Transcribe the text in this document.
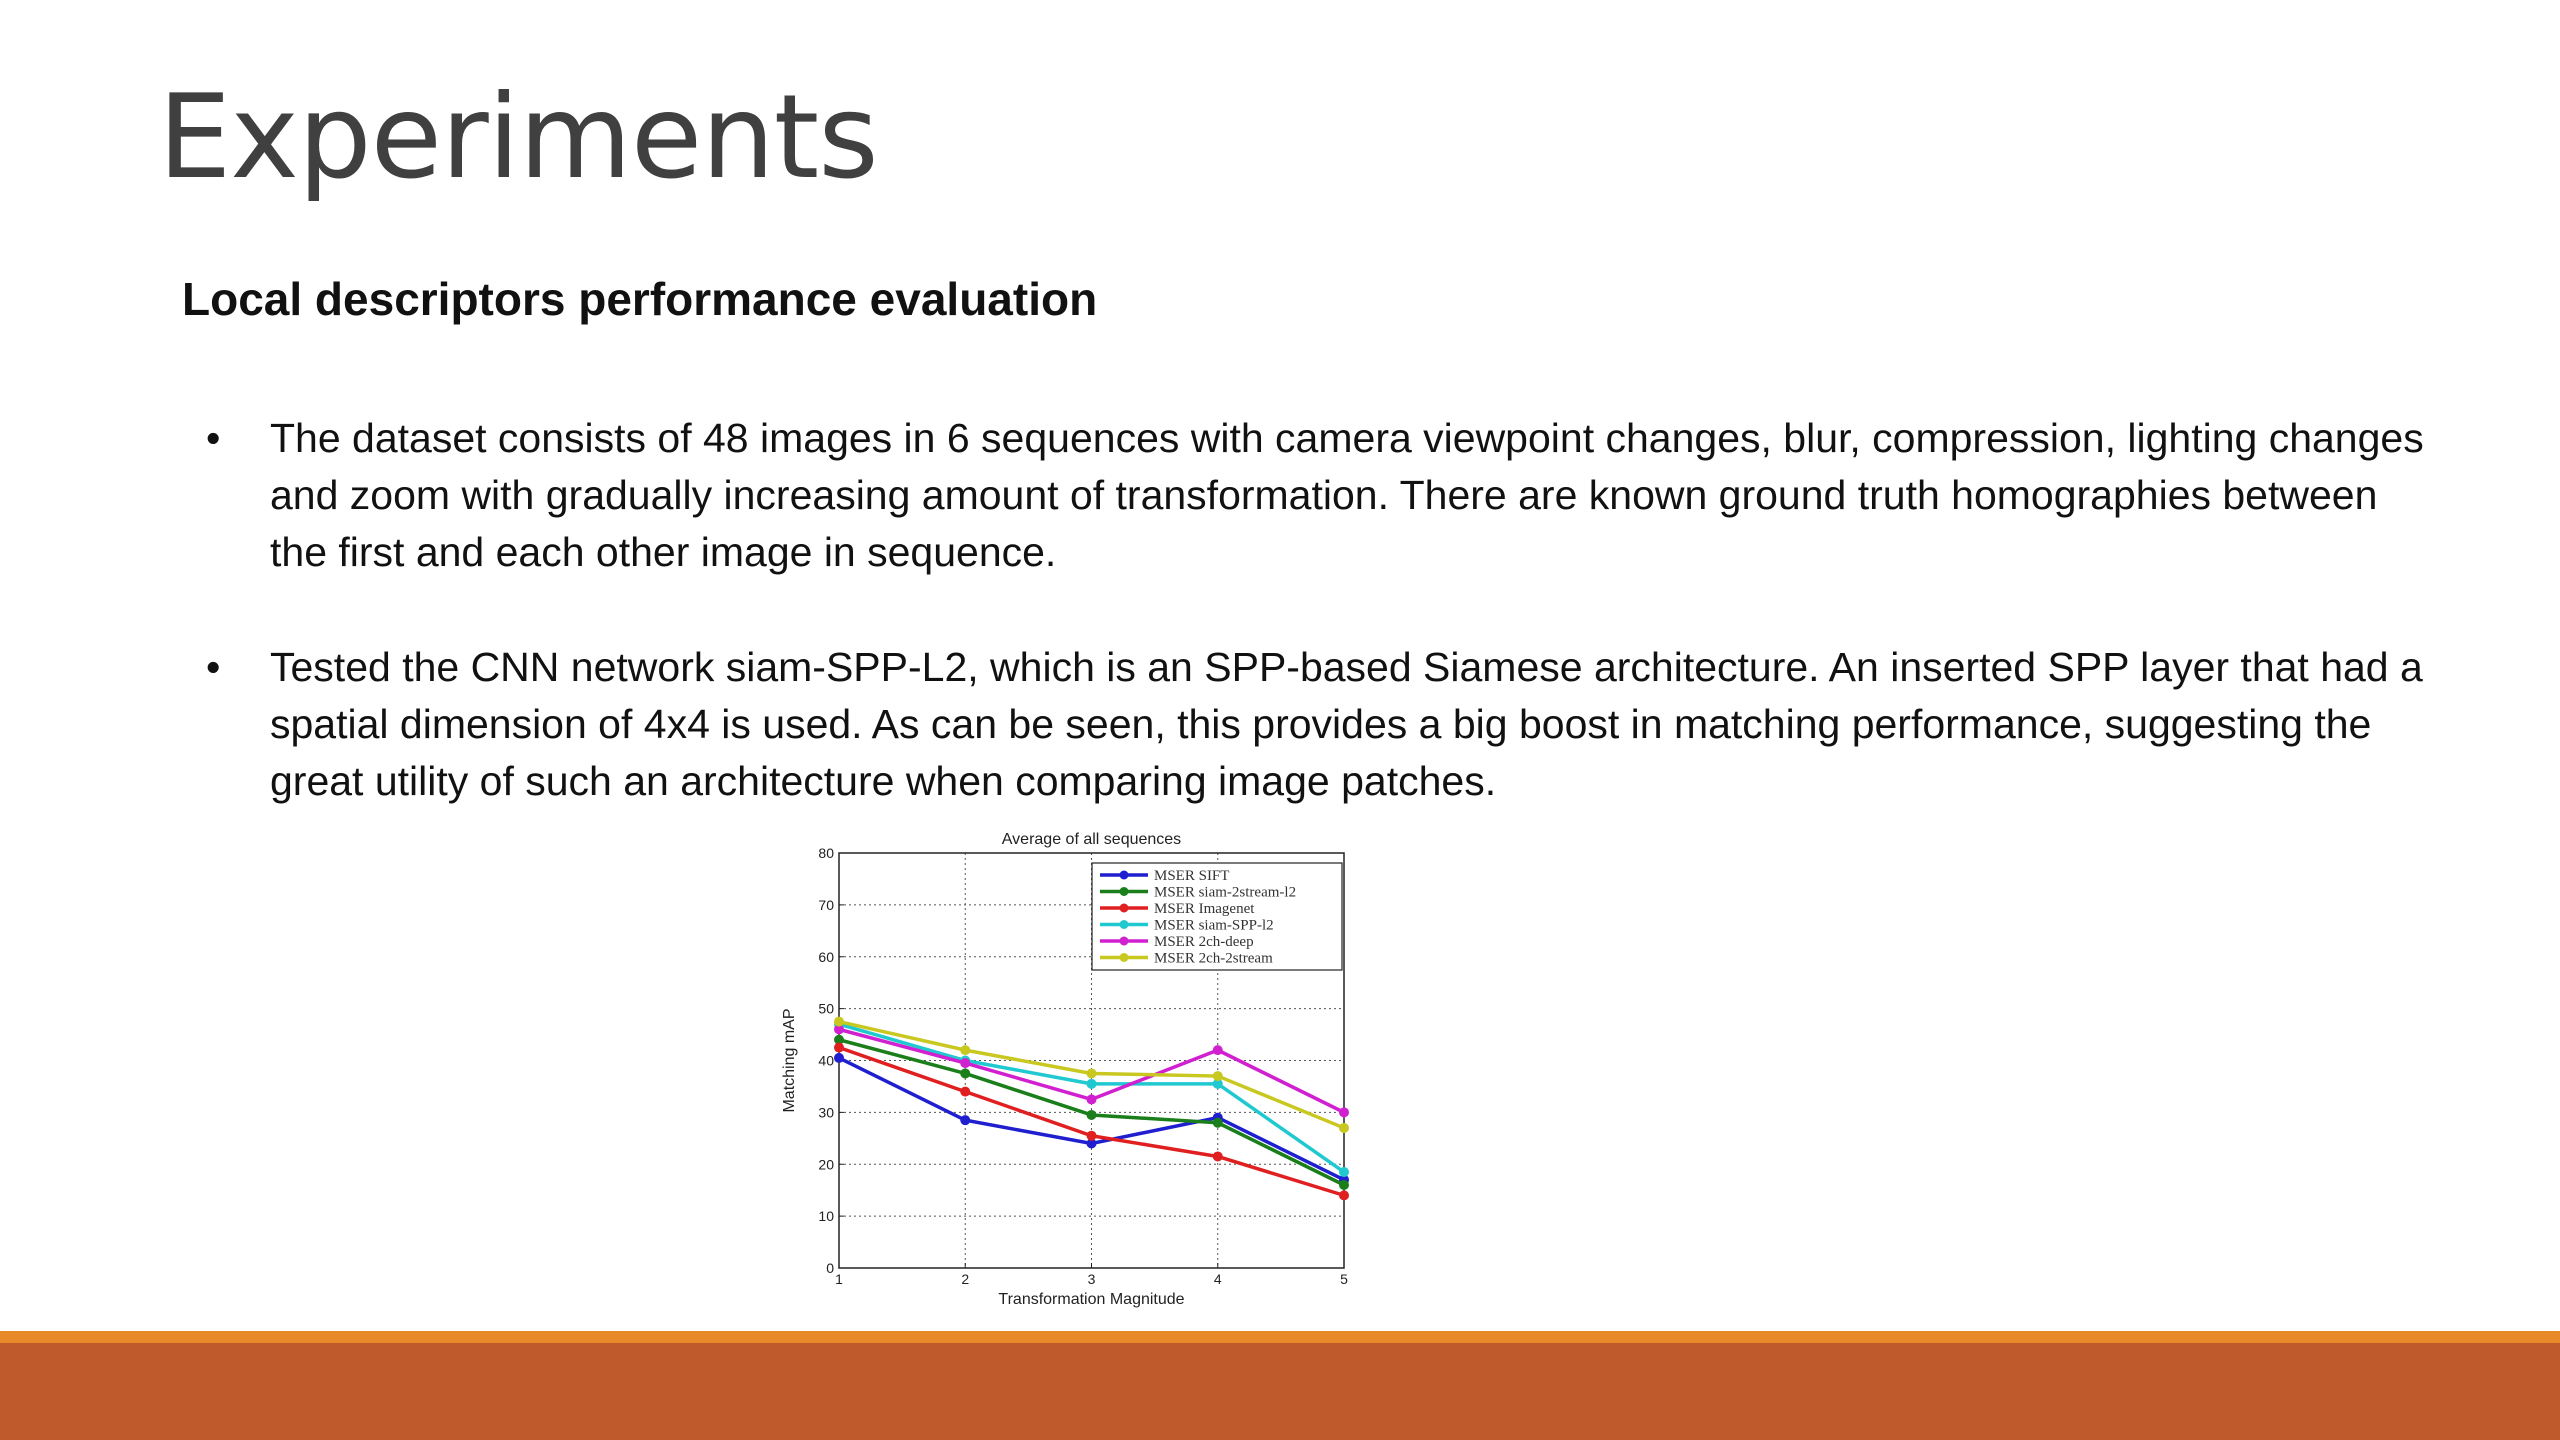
Experiments
Local descriptors performance evaluation
• The dataset consists of 48 images in 6 sequences with camera viewpoint changes, blur, compression, lighting changes and zoom with gradually increasing amount of transformation. There are known ground truth homographies between the first and each other image in sequence.
• Tested the CNN network siam-SPP-L2, which is an SPP-based Siamese architecture. An inserted SPP layer that had a spatial dimension of 4x4 is used. As can be seen, this provides a big boost in matching performance, suggesting the great utility of such an architecture when comparing image patches.
0
10
20
30
40
50
60
70
80
1	2	3	4	5
Average of all sequences
Transformation Magnitude
Matching mAP
MSER SIFT
MSER siam-2stream-l2
MSER Imagenet
MSER siam-SPP-l2
MSER 2ch-deep
MSER 2ch-2stream
